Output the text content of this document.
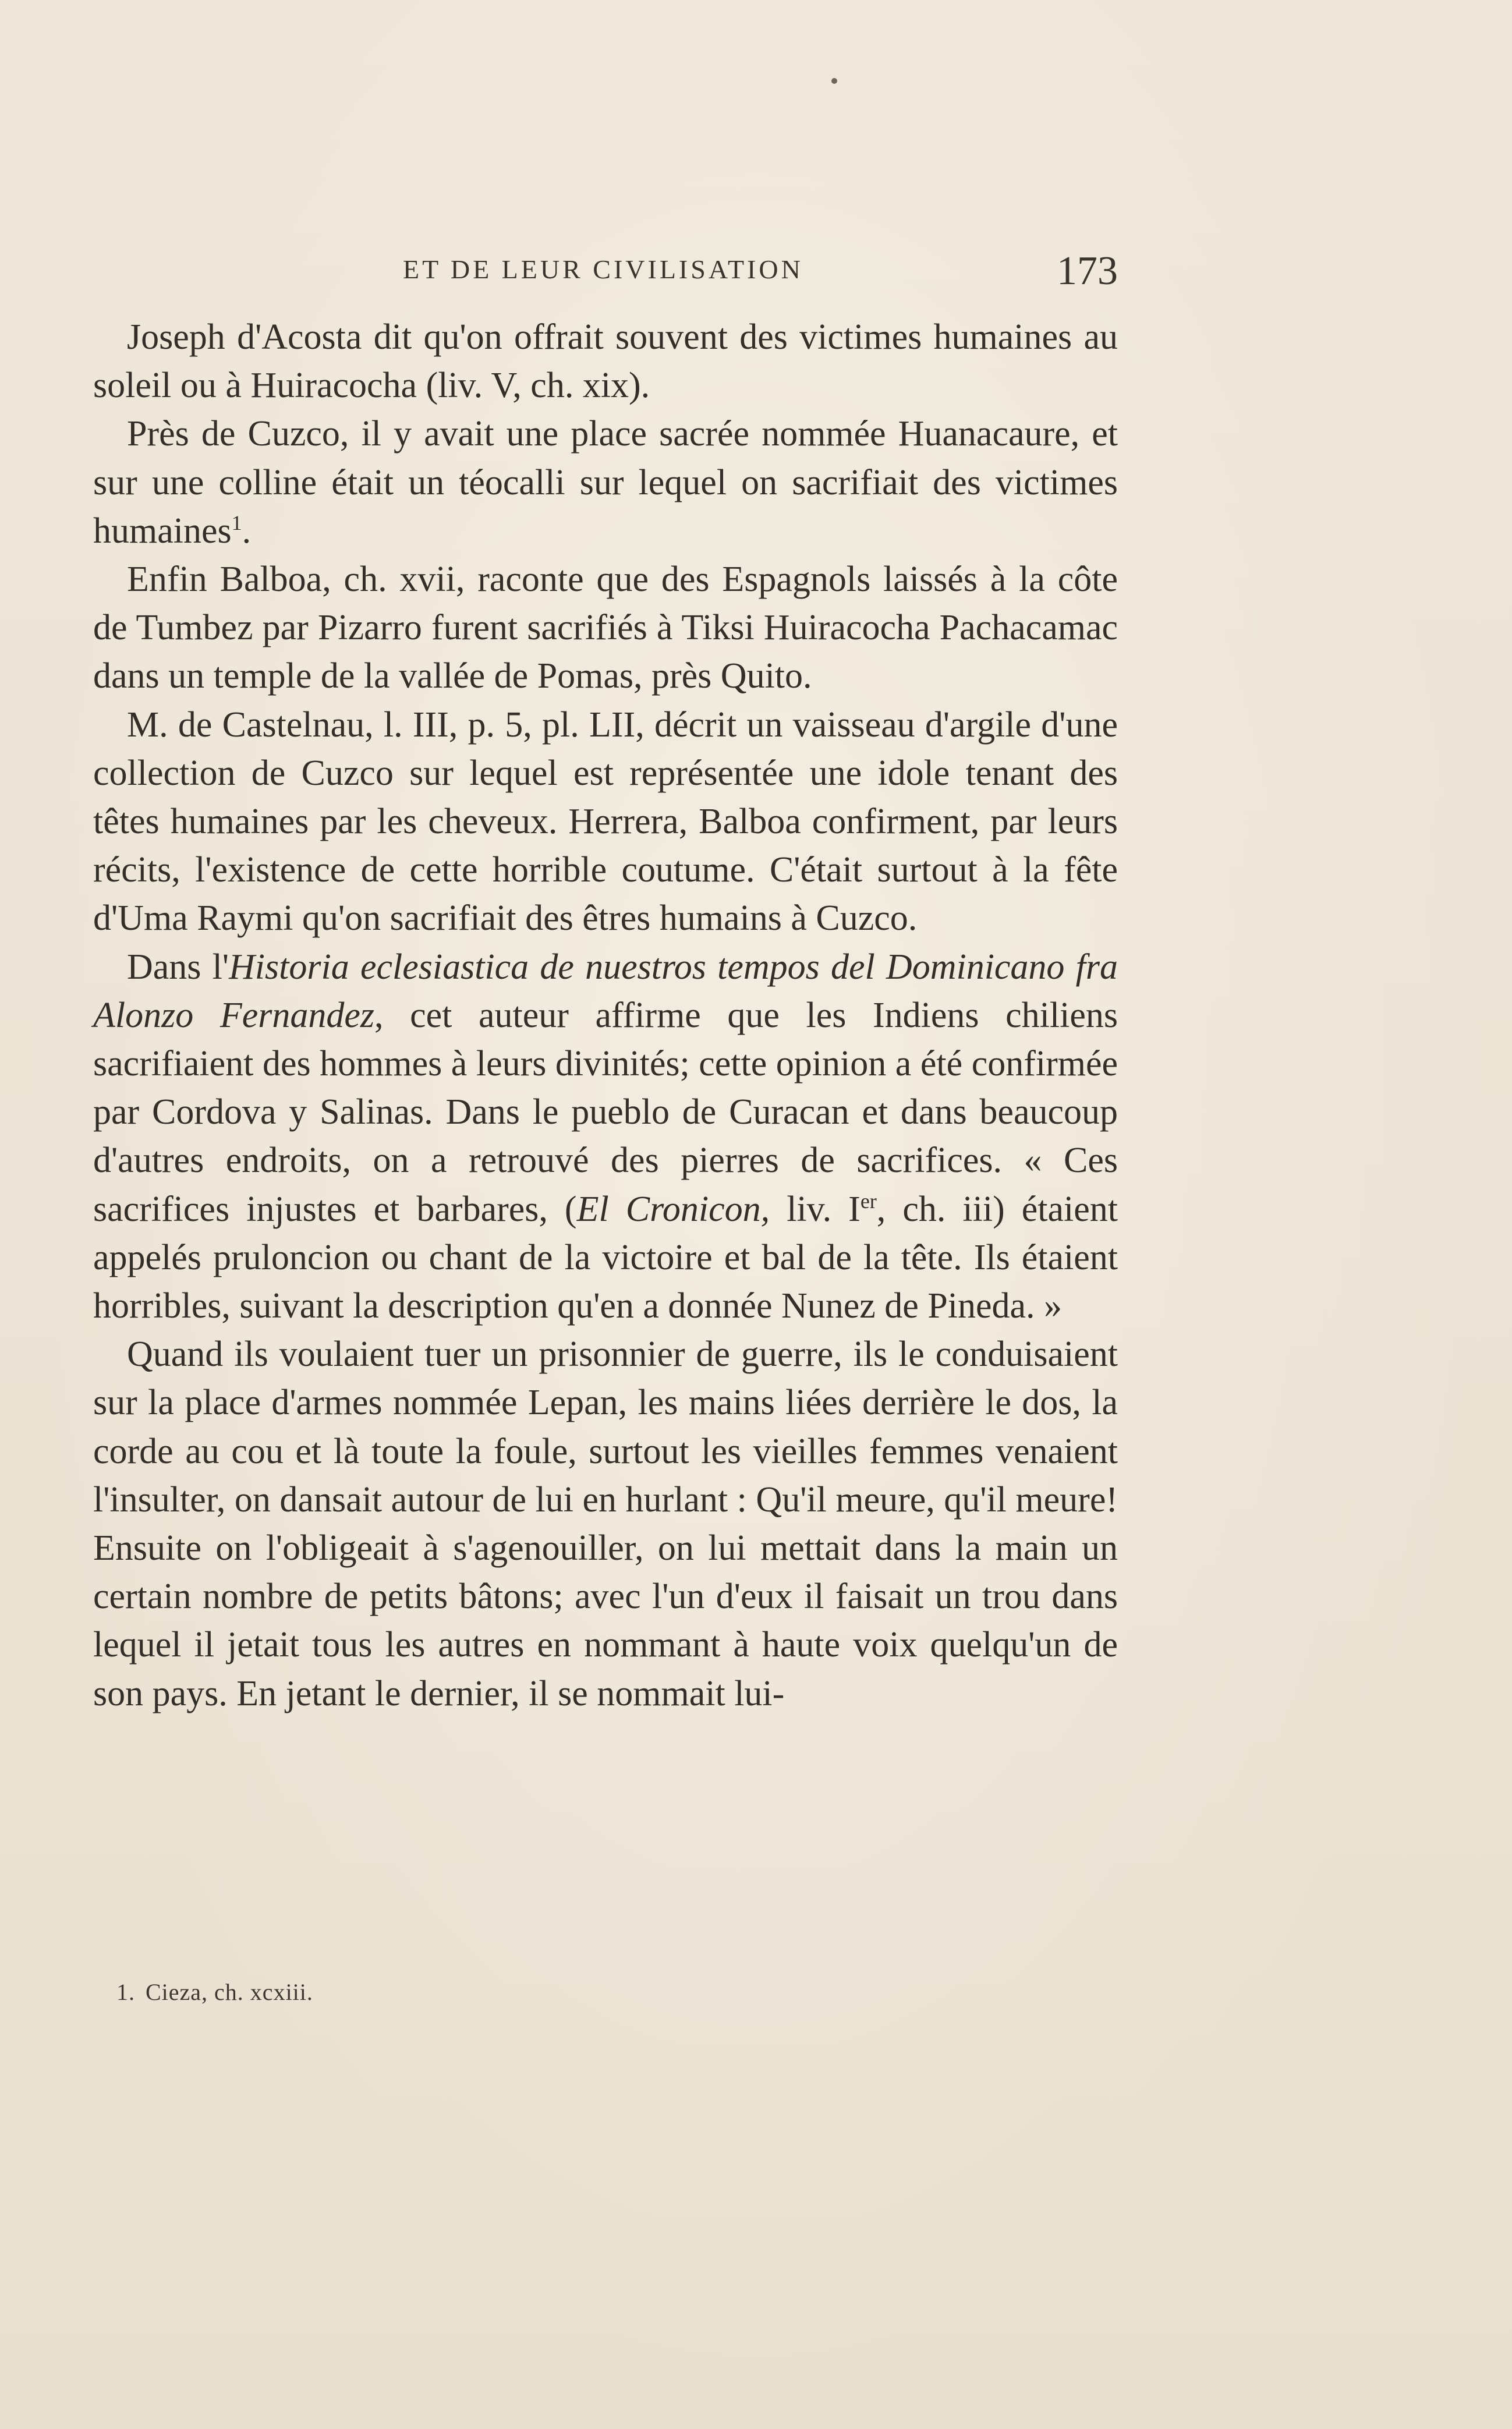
ET DE LEUR CIVILISATION	173

Joseph d'Acosta dit qu'on offrait souvent des victimes humaines au soleil ou à Huiracocha (liv. V, ch. xix).

Près de Cuzco, il y avait une place sacrée nommée Huanacaure, et sur une colline était un téocalli sur lequel on sacrifiait des victimes humaines$^1$.

Enfin Balboa, ch. xvii, raconte que des Espagnols laissés à la côte de Tumbez par Pizarro furent sacrifiés à Tiksi Huiracocha Pachacamac dans un temple de la vallée de Pomas, près Quito.

M. de Castelnau, l. III, p. 5, pl. LII, décrit un vaisseau d'argile d'une collection de Cuzco sur lequel est représentée une idole tenant des têtes humaines par les cheveux. Herrera, Balboa confirment, par leurs récits, l'existence de cette horrible coutume. C'était surtout à la fête d'Uma Raymi qu'on sacrifiait des êtres humains à Cuzco.

Dans l'Historia eclesiastica de nuestros tempos del Dominicano fra Alonzo Fernandez, cet auteur affirme que les Indiens chiliens sacrifiaient des hommes à leurs divinités; cette opinion a été confirmée par Cordova y Salinas. Dans le pueblo de Curacan et dans beaucoup d'autres endroits, on a retrouvé des pierres de sacrifices. « Ces sacrifices injustes et barbares, (El Cronicon, liv. Ier, ch. iii) étaient appelés pruloncion ou chant de la victoire et bal de la tête. Ils étaient horribles, suivant la description qu'en a donnée Nunez de Pineda. »

Quand ils voulaient tuer un prisonnier de guerre, ils le conduisaient sur la place d'armes nommée Lepan, les mains liées derrière le dos, la corde au cou et là toute la foule, surtout les vieilles femmes venaient l'insulter, on dansait autour de lui en hurlant : Qu'il meure, qu'il meure! Ensuite on l'obligeait à s'agenouiller, on lui mettait dans la main un certain nombre de petits bâtons; avec l'un d'eux il faisait un trou dans lequel il jetait tous les autres en nommant à haute voix quelqu'un de son pays. En jetant le dernier, il se nommait lui-

1. Cieza, ch. xcxiii.
